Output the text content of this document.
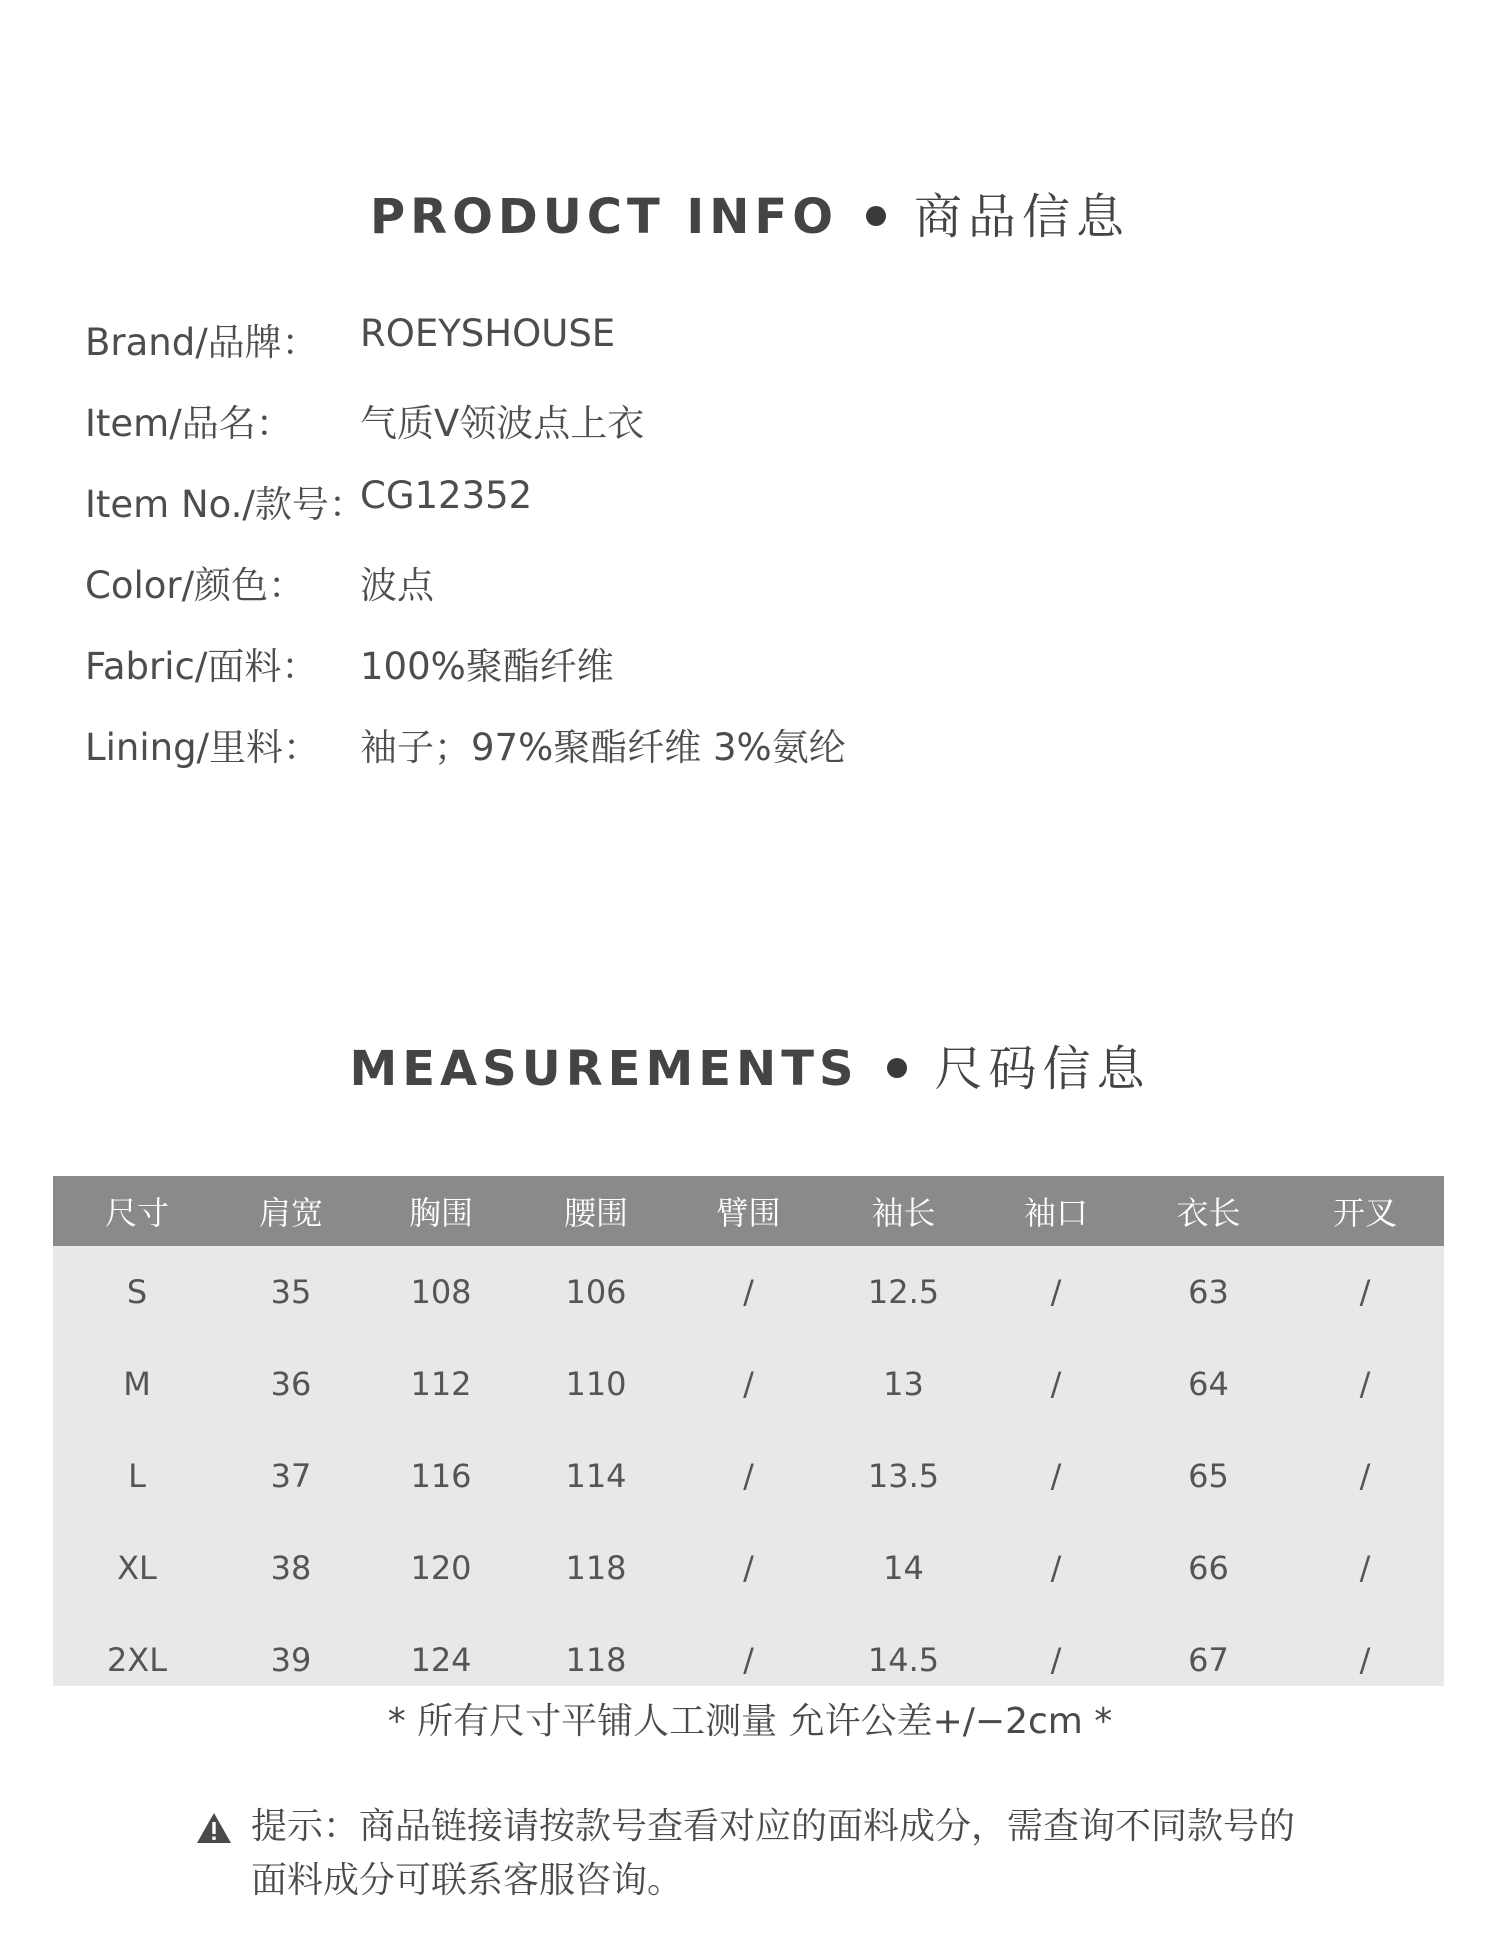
PRODUCT INFO 商品信息
Brand/品牌： ROEYSHOUSE
Item/品名： 气质V领波点上衣
Item No./款号：
CG12352
Color/颜色： 波点
Fabric/面料： 100%聚酯纤维
Lining/里料： 袖子；97%聚酯纤维 3%氨纶
MEASUREMENTS 尺码信息
尺寸	肩宽	胸围	腰围	臂围	袖长	袖口	衣长	开叉
S	35	108	106	/	12.5	/	63	/
M	36	112	110	/	13	/	64	/
L	37	116	114	/	13.5	/	65	/
XL	38	120	118	/	14	/	66	/
2XL	39	124	118	/	14.5	/	67	/
* 所有尺寸平铺人工测量 允许公差+/−2cm *
提示：商品链接请按款号查看对应的面料成分，需查询不同款号的面料成分可联系客服咨询。
